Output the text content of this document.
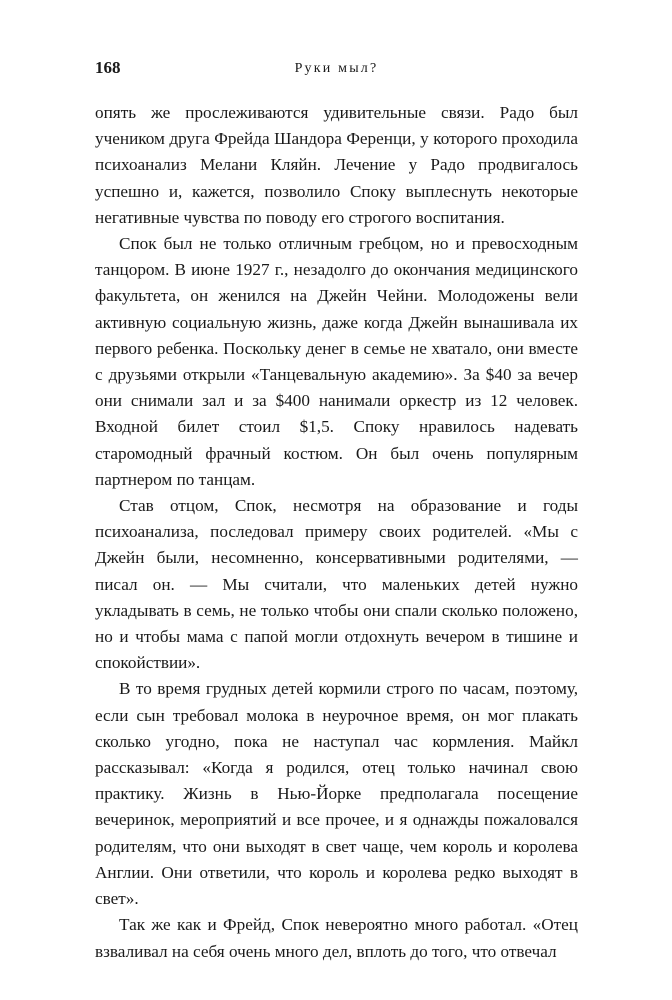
168	Руки мыл?

опять же прослеживаются удивительные связи. Радо был учеником друга Фрейда Шандора Ференци, у которого проходила психоанализ Мелани Кляйн. Лечение у Радо продвигалось успешно и, кажется, позволило Споку выплеснуть некоторые негативные чувства по поводу его строгого воспитания.

Спок был не только отличным гребцом, но и превосходным танцором. В июне 1927 г., незадолго до окончания медицинского факультета, он женился на Джейн Чейни. Молодожены вели активную социальную жизнь, даже когда Джейн вынашивала их первого ребенка. Поскольку денег в семье не хватало, они вместе с друзьями открыли «Танцевальную академию». За $40 за вечер они снимали зал и за $400 нанимали оркестр из 12 человек. Входной билет стоил $1,5. Споку нравилось надевать старомодный фрачный костюм. Он был очень популярным партнером по танцам.

Став отцом, Спок, несмотря на образование и годы психоанализа, последовал примеру своих родителей. «Мы с Джейн были, несомненно, консервативными родителями, — писал он. — Мы считали, что маленьких детей нужно укладывать в семь, не только чтобы они спали сколько положено, но и чтобы мама с папой могли отдохнуть вечером в тишине и спокойствии».

В то время грудных детей кормили строго по часам, поэтому, если сын требовал молока в неурочное время, он мог плакать сколько угодно, пока не наступал час кормления. Майкл рассказывал: «Когда я родился, отец только начинал свою практику. Жизнь в Нью-Йорке предполагала посещение вечеринок, мероприятий и все прочее, и я однажды пожаловался родителям, что они выходят в свет чаще, чем король и королева Англии. Они ответили, что король и королева редко выходят в свет».

Так же как и Фрейд, Спок невероятно много работал. «Отец взваливал на себя очень много дел, вплоть до того, что отвечал
